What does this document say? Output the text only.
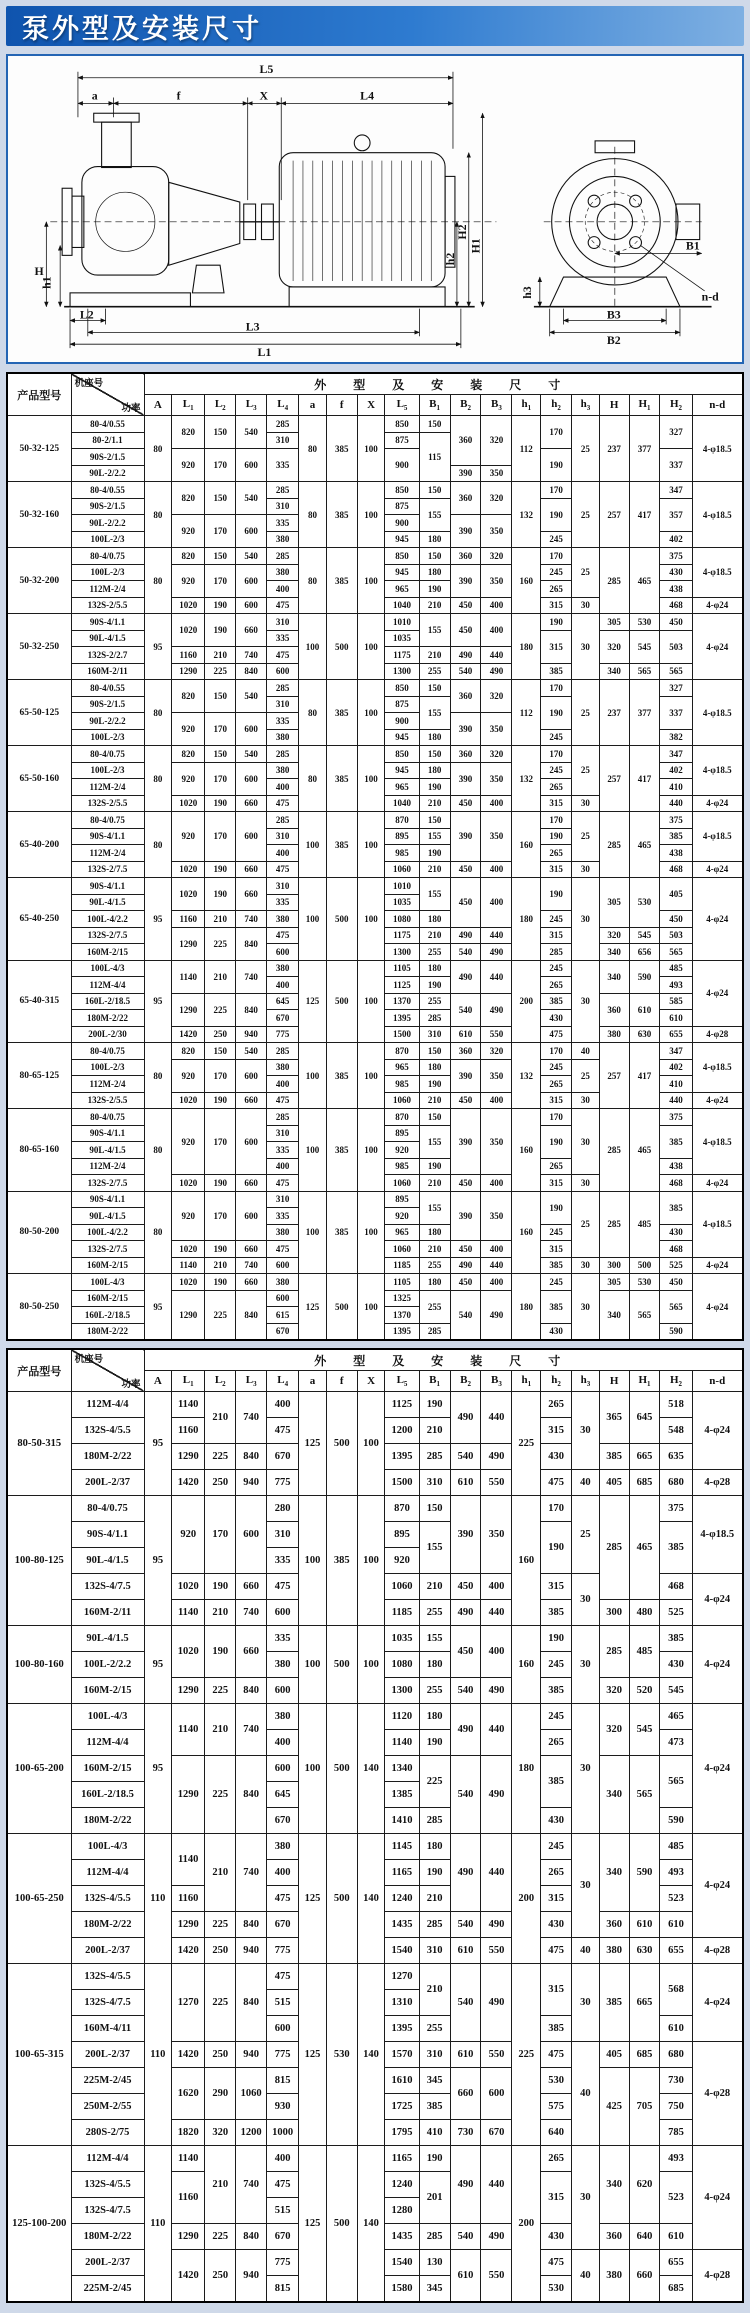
泵外型及安装尺寸
L5
a	f	X	L4
H
h1
h2
H2
H1
L2
L3
L1
B1
n-d
h3
B3
B2
产品型号	机座号
功率	外 型 及 安 装 尺 寸																		
		A	$L_1$	$L_2$	$L_3$	$L_4$	a	f	X	$L_5$	$B_1$	$B_2$	$B_3$	$h_1$	$h_2$	$h_3$	H	$H_1$	$H_2$	n-d
50-32-125	80-4/0.55	80	820	150	540	285	80	385	100	850	150	360	320	112	170	25	237	377	327	4-φ18.5
	80-2/1.1					310				875	115									
	90S-2/1.5		920	170	600	335				900					190				337	
	90L-2/2.2											390	350							
50-32-160	80-4/0.55	80	820	150	540	285	80	385	100	850	150	360	320	132	170	25	257	417	347	4-φ18.5
	90S-2/1.5					310				875	155				190				357	
	90L-2/2.2		920	170	600	335				900		390	350							
	100L-2/3					380				945	180				245				402	
50-32-200	80-4/0.75	80	820	150	540	285	80	385	100	850	150	360	320	160	170	25	285	465	375	4-φ18.5
	100L-2/3		920	170	600	380				945	180	390	350		245				430	
	112M-2/4					400				965	190				265				438	
	132S-2/5.5		1020	190	600	475				1040	210	450	400		315	30			468	4-φ24
50-32-250	90S-4/1.1	95	1020	190	660	310	100	500	100	1010	155	450	400	180	190	30	305	530	450	4-φ24
	90L-4/1.5					335				1035					315		320	545	503	
	132S-2/2.7		1160	210	740	475				1175	210	490	440							
	160M-2/11		1290	225	840	600				1300	255	540	490		385		340	565	565	
65-50-125	80-4/0.55	80	820	150	540	285	80	385	100	850	150	360	320	112	170	25	237	377	327	4-φ18.5
	90S-2/1.5					310				875	155				190				337	
	90L-2/2.2		920	170	600	335				900		390	350							
	100L-2/3					380				945	180				245				382	
65-50-160	80-4/0.75	80	820	150	540	285	80	385	100	850	150	360	320	132	170	25	257	417	347	4-φ18.5
	100L-2/3		920	170	600	380				945	180	390	350		245				402	
	112M-2/4					400				965	190				265				410	
	132S-2/5.5		1020	190	660	475				1040	210	450	400		315	30			440	4-φ24
65-40-200	80-4/0.75	80	920	170	600	285	100	385	100	870	150	390	350	160	170	25	285	465	375	4-φ18.5
	90S-4/1.1					310				895	155				190				385	
	112M-2/4					400				985	190				265				438	
	132S-2/7.5		1020	190	660	475				1060	210	450	400		315	30			468	4-φ24
65-40-250	90S-4/1.1	95	1020	190	660	310	100	500	100	1010	155	450	400	180	190	30	305	530	405	4-φ24
	90L-4/1.5					335				1035										
	100L-4/2.2		1160	210	740	380				1080	180				245				450	
	132S-2/7.5		1290	225	840	475				1175	210	490	440		315		320	545	503	
	160M-2/15					600				1300	255	540	490		285		340	656	565	
65-40-315	100L-4/3	95	1140	210	740	380	125	500	100	1105	180	490	440	200	245	30	340	590	485	4-φ24
	112M-4/4					400				1125	190				265				493	
	160L-2/18.5		1290	225	840	645				1370	255	540	490		385		360	610	585	
	180M-2/22					670				1395	285				430				610	
	200L-2/30		1420	250	940	775				1500	310	610	550		475		380	630	655	4-φ28
80-65-125	80-4/0.75	80	820	150	540	285	100	385	100	870	150	360	320	132	170	40	257	417	347	4-φ18.5
	100L-2/3		920	170	600	380				965	180	390	350		245	25			402	
	112M-2/4					400				985	190				265				410	
	132S-2/5.5		1020	190	660	475				1060	210	450	400		315	30			440	4-φ24
80-65-160	80-4/0.75	80	920	170	600	285	100	385	100	870	150	390	350	160	170	30	285	465	375	4-φ18.5
	90S-4/1.1					310				895	155				190				385	
	90L-4/1.5					335				920										
	112M-2/4					400				985	190				265				438	
	132S-2/7.5		1020	190	660	475				1060	210	450	400		315	30			468	4-φ24
80-50-200	90S-4/1.1	80	920	170	600	310	100	385	100	895	155	390	350	160	190	25	285	485	385	4-φ18.5
	90L-4/1.5					335				920										
	100L-4/2.2					380				965	180				245				430	
	132S-2/7.5		1020	190	660	475				1060	210	450	400		315				468	
	160M-2/15		1140	210	740	600				1185	255	490	440		385	30	300	500	525	4-φ24
80-50-250	100L-4/3	95	1020	190	660	380	125	500	100	1105	180	450	400	180	245	30	305	530	450	4-φ24
	160M-2/15		1290	225	840	600				1325	255	540	490		385		340	565	565	
	160L-2/18.5					615				1370										
	180M-2/22					670				1395	285				430				590	
产品型号	机座号
功率	外 型 及 安 装 尺 寸																		
		A	$L_1$	$L_2$	$L_3$	$L_4$	a	f	X	$L_5$	$B_1$	$B_2$	$B_3$	$h_1$	$h_2$	$h_3$	H	$H_1$	$H_2$	n-d
80-50-315	112M-4/4	95	1140	210	740	400	125	500	100	1125	190	490	440	225	265	30	365	645	518	4-φ24
	132S-4/5.5		1160			475				1200	210				315				548	
	180M-2/22		1290	225	840	670				1395	285	540	490		430		385	665	635	
	200L-2/37		1420	250	940	775				1500	310	610	550		475	40	405	685	680	4-φ28
100-80-125	80-4/0.75	95	920	170	600	280	100	385	100	870	150	390	350	160	170	25	285	465	375	4-φ18.5
	90S-4/1.1					310				895	155				190				385	
	90L-4/1.5					335				920										
	132S-4/7.5		1020	190	660	475				1060	210	450	400		315	30			468	4-φ24
	160M-2/11		1140	210	740	600				1185	255	490	440		385		300	480	525	
100-80-160	90L-4/1.5	95	1020	190	660	335	100	500	100	1035	155	450	400	160	190	30	285	485	385	4-φ24
	100L-2/2.2					380				1080	180				245				430	
	160M-2/15		1290	225	840	600				1300	255	540	490		385		320	520	545	
100-65-200	100L-4/3	95	1140	210	740	380	100	500	140	1120	180	490	440	180	245	30	320	545	465	4-φ24
	112M-4/4					400				1140	190				265				473	
	160M-2/15		1290	225	840	600				1340	225	540	490		385		340	565	565	
	160L-2/18.5					645				1385										
	180M-2/22					670				1410	285				430				590	
100-65-250	100L-4/3	110	1140	210	740	380	125	500	140	1145	180	490	440	200	245	30	340	590	485	4-φ24
	112M-4/4					400				1165	190				265				493	
	132S-4/5.5		1160			475				1240	210				315				523	
	180M-2/22		1290	225	840	670				1435	285	540	490		430		360	610	610	
	200L-2/37		1420	250	940	775				1540	310	610	550		475	40	380	630	655	4-φ28
100-65-315	132S-4/5.5	110	1270	225	840	475	125	530	140	1270	210	540	490	225	315	30	385	665	568	4-φ24
	132S-4/7.5					515				1310										
	160M-4/11					600				1395	255				385				610	
	200L-2/37		1420	250	940	775				1570	310	610	550		475	40	405	685	680	4-φ28
	225M-2/45		1620	290	1060	815				1610	345	660	600		530		425	705	730	
	250M-2/55					930				1725	385				575				750	
	280S-2/75		1820	320	1200	1000				1795	410	730	670		640				785	
125-100-200	112M-4/4	110	1140	210	740	400	125	500	140	1165	190	490	440	200	265	30	340	620	493	4-φ24
	132S-4/5.5		1160			475				1240	201				315				523	
	132S-4/7.5					515				1280										
	180M-2/22		1290	225	840	670				1435	285	540	490		430		360	640	610	
	200L-2/37		1420	250	940	775				1540	130	610	550		475	40	380	660	655	4-φ28
	225M-2/45					815				1580	345				530				685	
